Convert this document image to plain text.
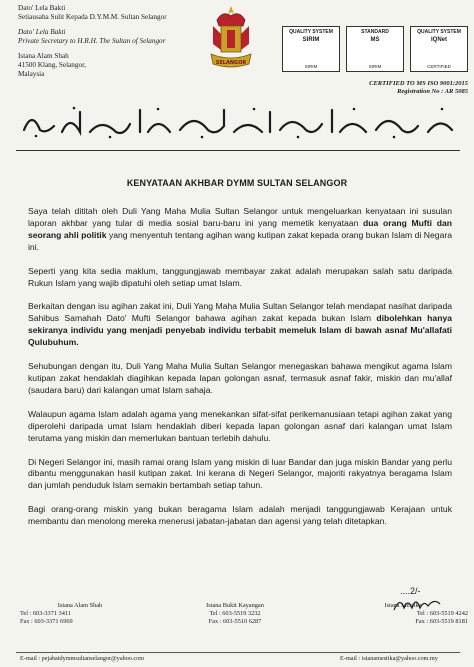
Dato' Lela Bakti
Setiausaha Sulit Kepada D.Y.M.M. Sultan Selangor
Dato' Lela Bakti
Private Secretary to H.R.H. The Sultan of Selangor
Istana Alam Shah
41500 Klang, Selangor,
Malaysia
SELANGOR
QUALITY SYSTEM
SIRIM
SIRIM
STANDARD
MS
SIRIM
QUALITY SYSTEM
IQNet
CERTIFIED
CERTIFIED TO MS ISO 9001:2015
Registration No : AR 5085
KENYATAAN AKHBAR DYMM SULTAN SELANGOR

Saya telah dititah oleh Duli Yang Maha Mulia Sultan Selangor untuk mengeluarkan kenyataan ini susulan laporan akhbar yang tular di media sosial baru-baru ini yang memetik kenyataan dua orang Mufti dan seorang ahli politik yang menyentuh tentang agihan wang kutipan zakat kepada orang bukan Islam di Negara ini.

Seperti yang kita sedia maklum, tanggungjawab membayar zakat adalah merupakan salah satu daripada Rukun Islam yang wajib dipatuhi oleh setiap umat Islam.

Berkaitan dengan isu agihan zakat ini, Duli Yang Maha Mulia Sultan Selangor telah mendapat nasihat daripada Sahibus Samahah Dato' Mufti Selangor bahawa agihan zakat kepada bukan Islam dibolehkan hanya sekiranya individu yang menjadi penyebab individu terbabit memeluk Islam di bawah asnaf Mu'allafati Qulubuhum.

Sehubungan dengan itu, Duli Yang Maha Mulia Sultan Selangor menegaskan bahawa mengikut agama Islam kutipan zakat hendaklah diagihkan kepada lapan golongan asnaf, termasuk asnaf fakir, miskin dan mu'allaf (saudara baru) dari kalangan umat Islam sahaja.

Walaupun agama Islam adalah agama yang menekankan sifat-sifat perikemanusiaan tetapi agihan zakat yang diperolehi daripada umat Islam hendaklah diberi kepada lapan golongan asnaf dari kalangan umat Islam terutama yang miskin dan memerlukan bantuan terlebih dahulu.

Di Negeri Selangor ini, masih ramai orang Islam yang miskin di luar Bandar dan juga miskin Bandar yang perlu dibantu menggunakan hasil kutipan zakat. Ini kerana di Negeri Selangor, majoriti rakyatnya beragama Islam dan jumlah penduduk Islam semakin bertambah setiap tahun.

Bagi orang-orang miskin yang bukan beragama Islam adalah menjadi tanggungjawab Kerajaan untuk membantu dan menolong mereka menerusi jabatan-jabatan dan agensi yang telah ditetapkan.

....2/-
Istana Alam Shah
Tel : 603-3371 3411
Fax : 603-3371 6969
Istana Bukit Kayangan
Tel : 603-5519 3232
Fax : 603-5510 6287
Istana Mestika
Tel : 603-5519 4242
Fax : 603-5519 8181
E-mail : pejabatdymmsultanselangor@yahoo.com	E-mail : istanamestika@yahoo.com.my
